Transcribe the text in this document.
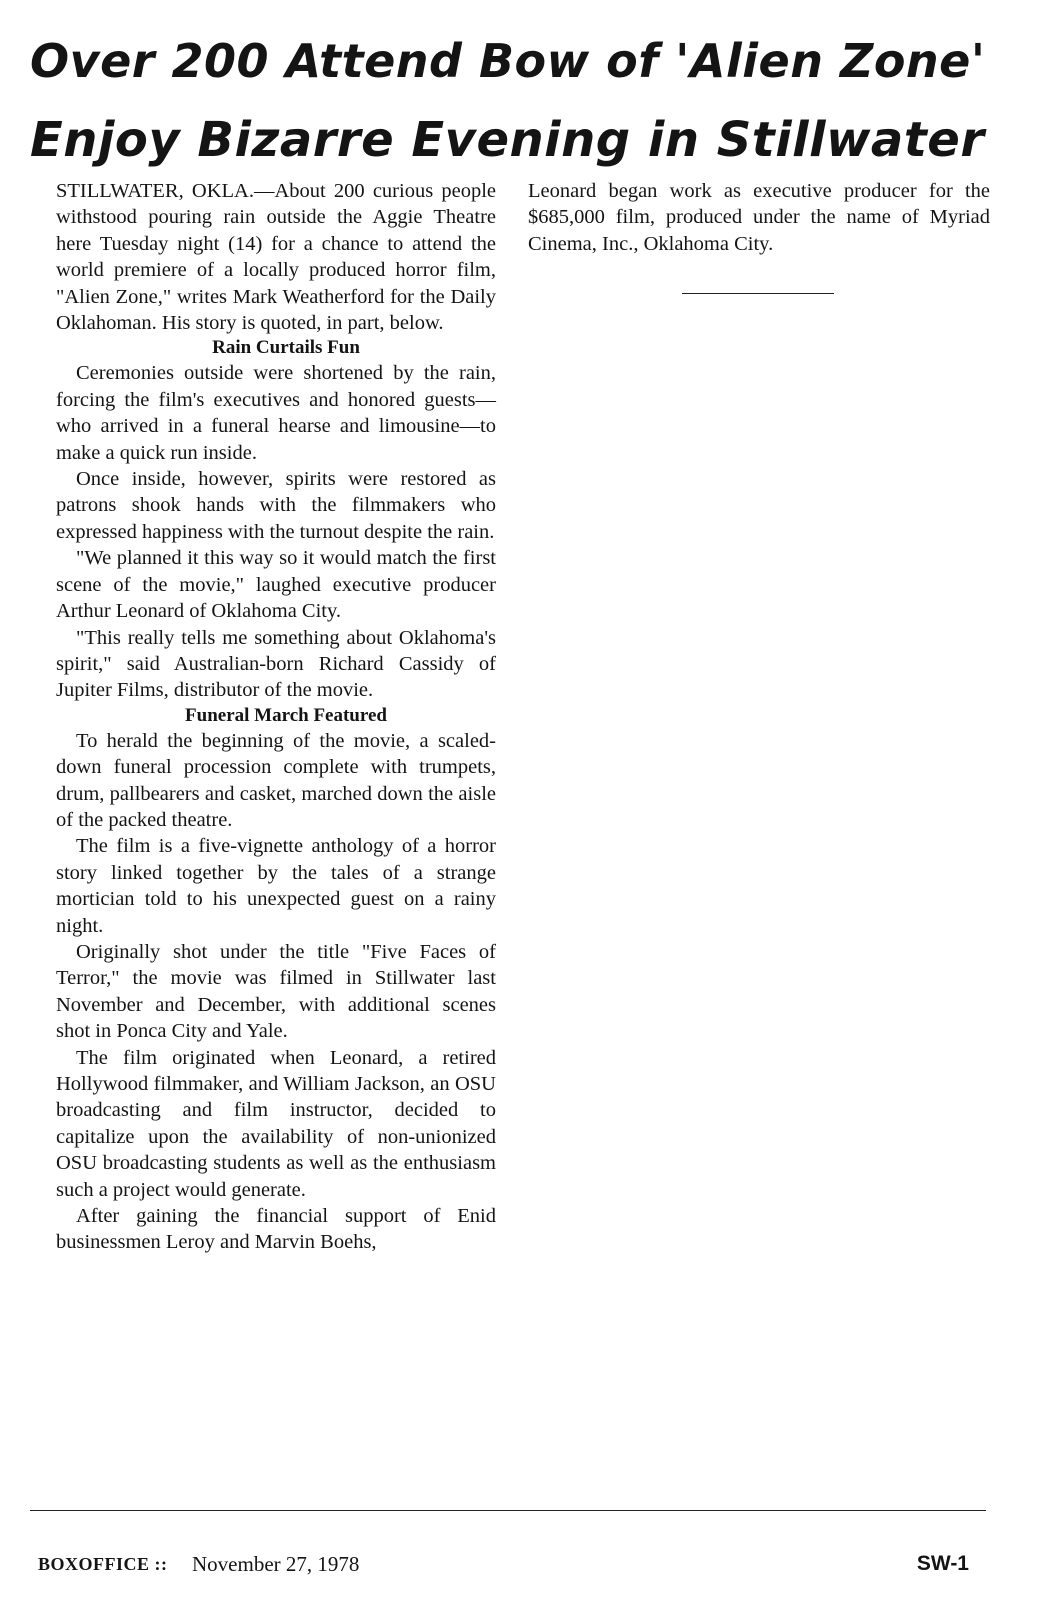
Over 200 Attend Bow of 'Alien Zone'
Enjoy Bizarre Evening in Stillwater

STILLWATER, OKLA.—About 200 curious people withstood pouring rain outside the Aggie Theatre here Tuesday night (14) for a chance to attend the world premiere of a locally produced horror film, "Alien Zone," writes Mark Weatherford for the Daily Oklahoman. His story is quoted, in part, below.

Rain Curtails Fun

Ceremonies outside were shortened by the rain, forcing the film's executives and honored guests—who arrived in a funeral hearse and limousine—to make a quick run inside.

Once inside, however, spirits were restored as patrons shook hands with the filmmakers who expressed happiness with the turnout despite the rain.

"We planned it this way so it would match the first scene of the movie," laughed executive producer Arthur Leonard of Oklahoma City.

"This really tells me something about Oklahoma's spirit," said Australian-born Richard Cassidy of Jupiter Films, distributor of the movie.

Funeral March Featured

To herald the beginning of the movie, a scaled-down funeral procession complete with trumpets, drum, pallbearers and casket, marched down the aisle of the packed theatre.

The film is a five-vignette anthology of a horror story linked together by the tales of a strange mortician told to his unexpected guest on a rainy night.

Originally shot under the title "Five Faces of Terror," the movie was filmed in Stillwater last November and December, with additional scenes shot in Ponca City and Yale.

The film originated when Leonard, a retired Hollywood filmmaker, and William Jackson, an OSU broadcasting and film instructor, decided to capitalize upon the availability of non-unionized OSU broadcasting students as well as the enthusiasm such a project would generate.

After gaining the financial support of Enid businessmen Leroy and Marvin Boehs,

Leonard began work as executive producer for the $685,000 film, produced under the name of Myriad Cinema, Inc., Oklahoma City.

BOXOFFICE :: November 27, 1978	SW-1
